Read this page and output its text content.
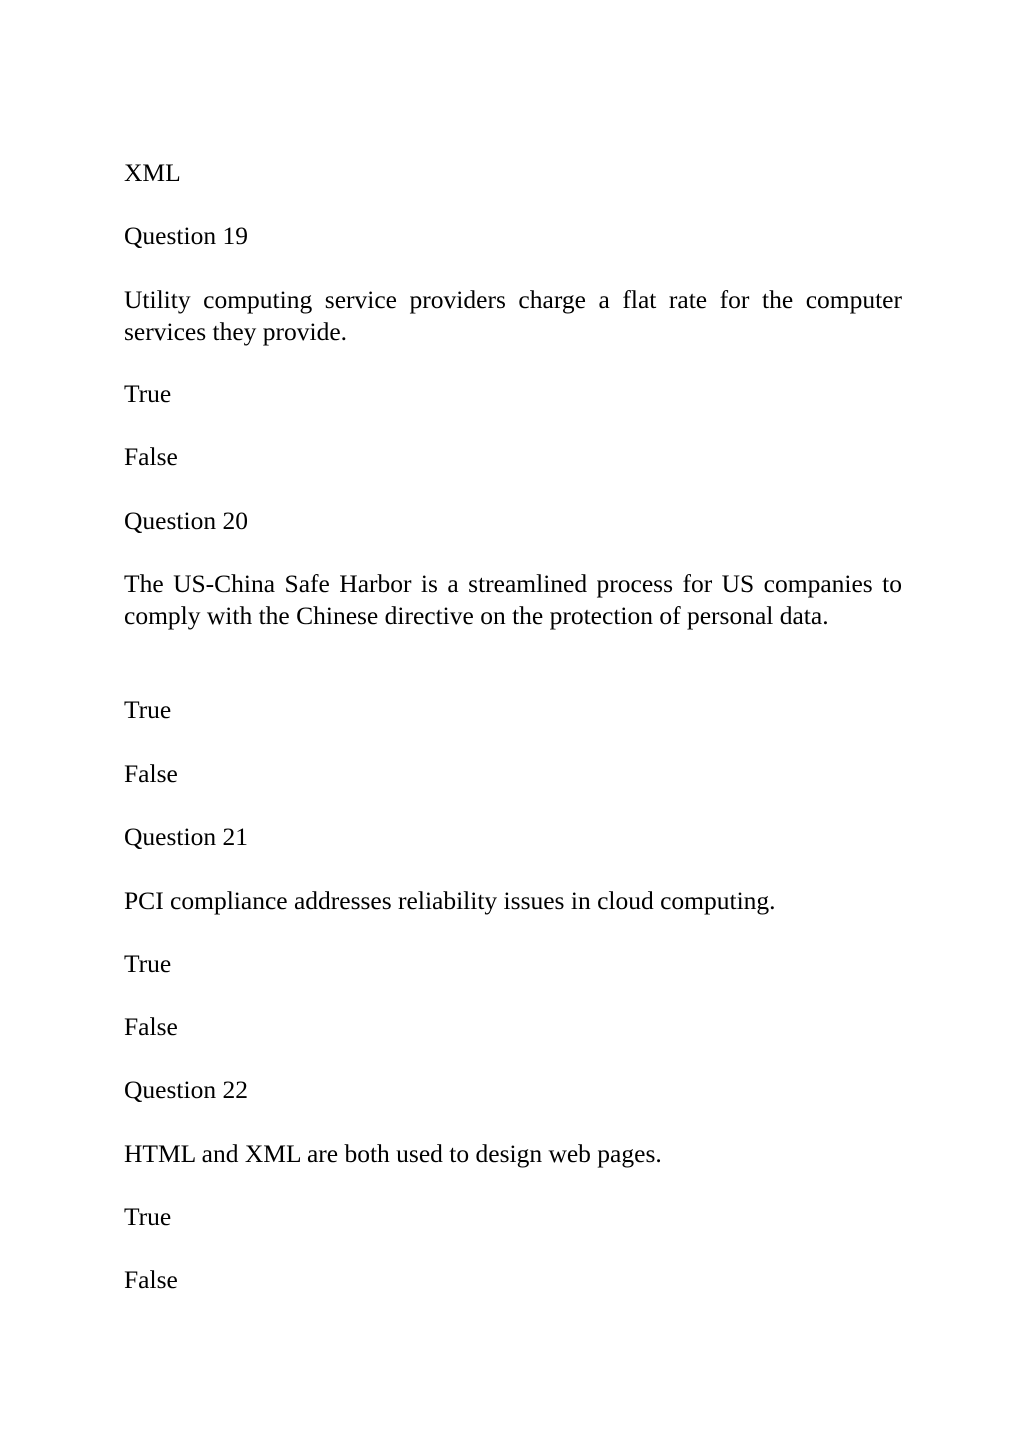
XML

Question 19

Utility computing service providers charge a flat rate for the computer services they provide.

True

False

Question 20

The US-China Safe Harbor is a streamlined process for US companies to comply with the Chinese directive on the protection of personal data.

True

False

Question 21

PCI compliance addresses reliability issues in cloud computing.

True

False

Question 22

HTML and XML are both used to design web pages.

True

False
